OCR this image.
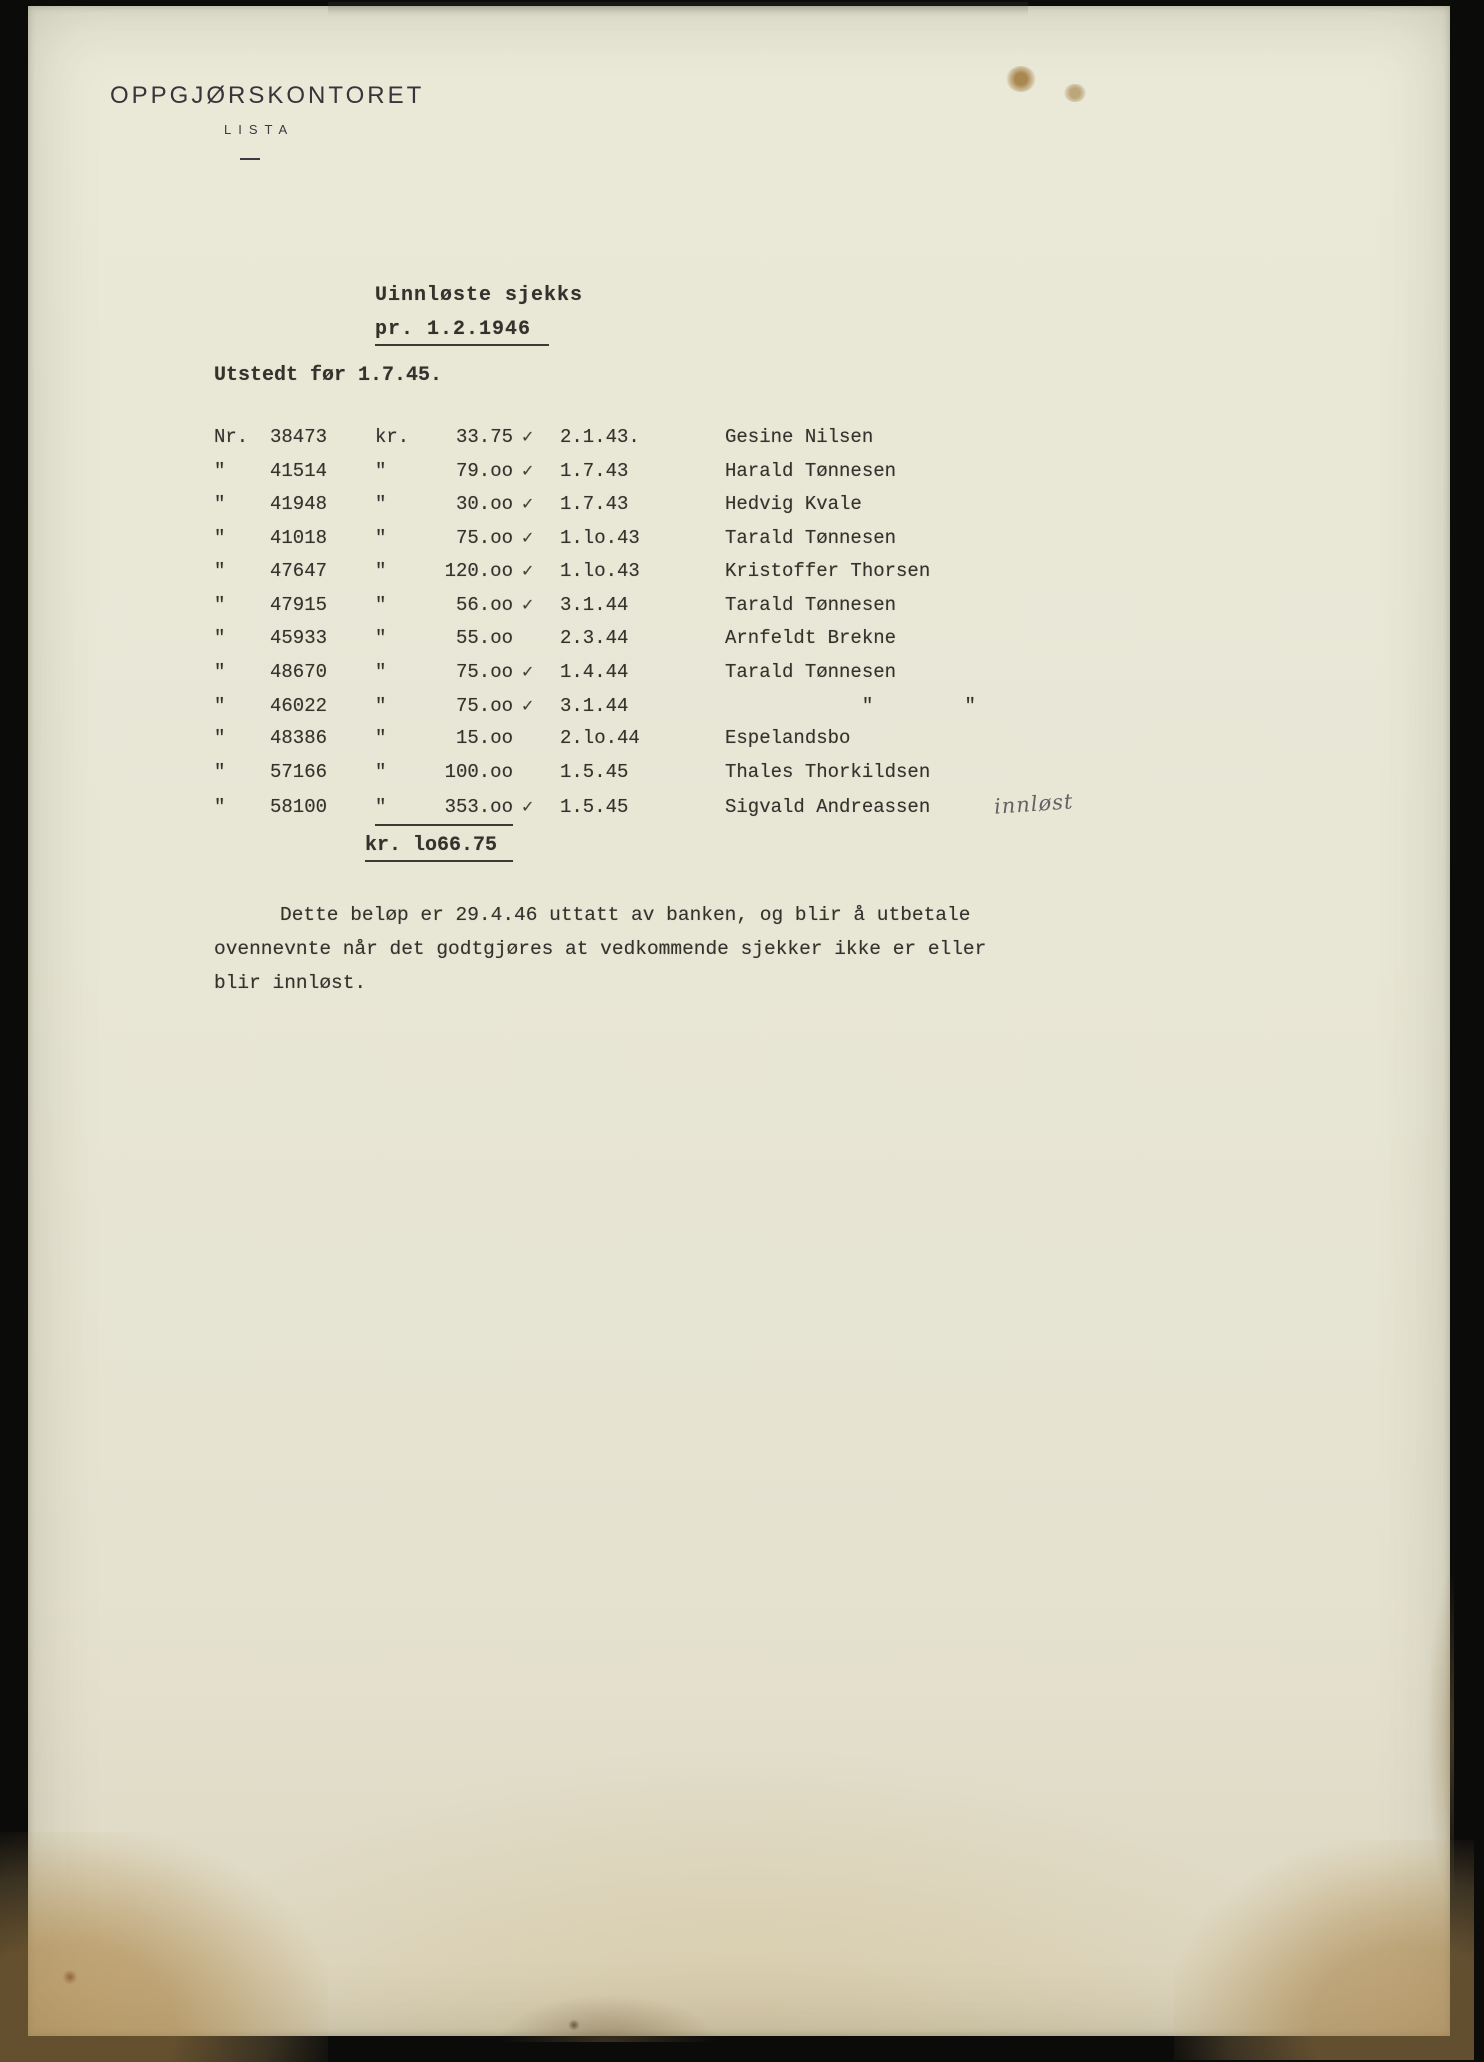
OPPGJØRSKONTORET
LISTA
Uinnløste sjekks
pr. 1.2.1946
Utstedt før 1.7.45.
Nr.	38473	kr.	33.75 ✓	2.1.43.	Gesine Nilsen
"	41514	"	79.oo ✓	1.7.43	Harald Tønnesen
"	41948	"	30.oo ✓	1.7.43	Hedvig Kvale
"	41018	"	75.oo ✓	1.lo.43	Tarald Tønnesen
"	47647	"	120.oo ✓	1.lo.43	Kristoffer Thorsen
"	47915	"	56.oo ✓	3.1.44	Tarald Tønnesen
"	45933	"	55.oo 2.3.44	Arnfeldt Brekne
"	48670	"	75.oo ✓	1.4.44	Tarald Tønnesen
"	46022	"	75.oo ✓	3.1.44	"        "
"	48386	"	15.oo 2.lo.44	Espelandsbo
"	57166	"	100.oo 1.5.45	Thales Thorkildsen
"	58100	"	353.oo ✓	1.5.45	Sigvald Andreassen
kr. lo66.75
innløst
Dette beløp er 29.4.46 uttatt av banken, og blir å utbetale ovennevnte når det godtgjøres at vedkommende sjekker ikke er eller blir innløst.
